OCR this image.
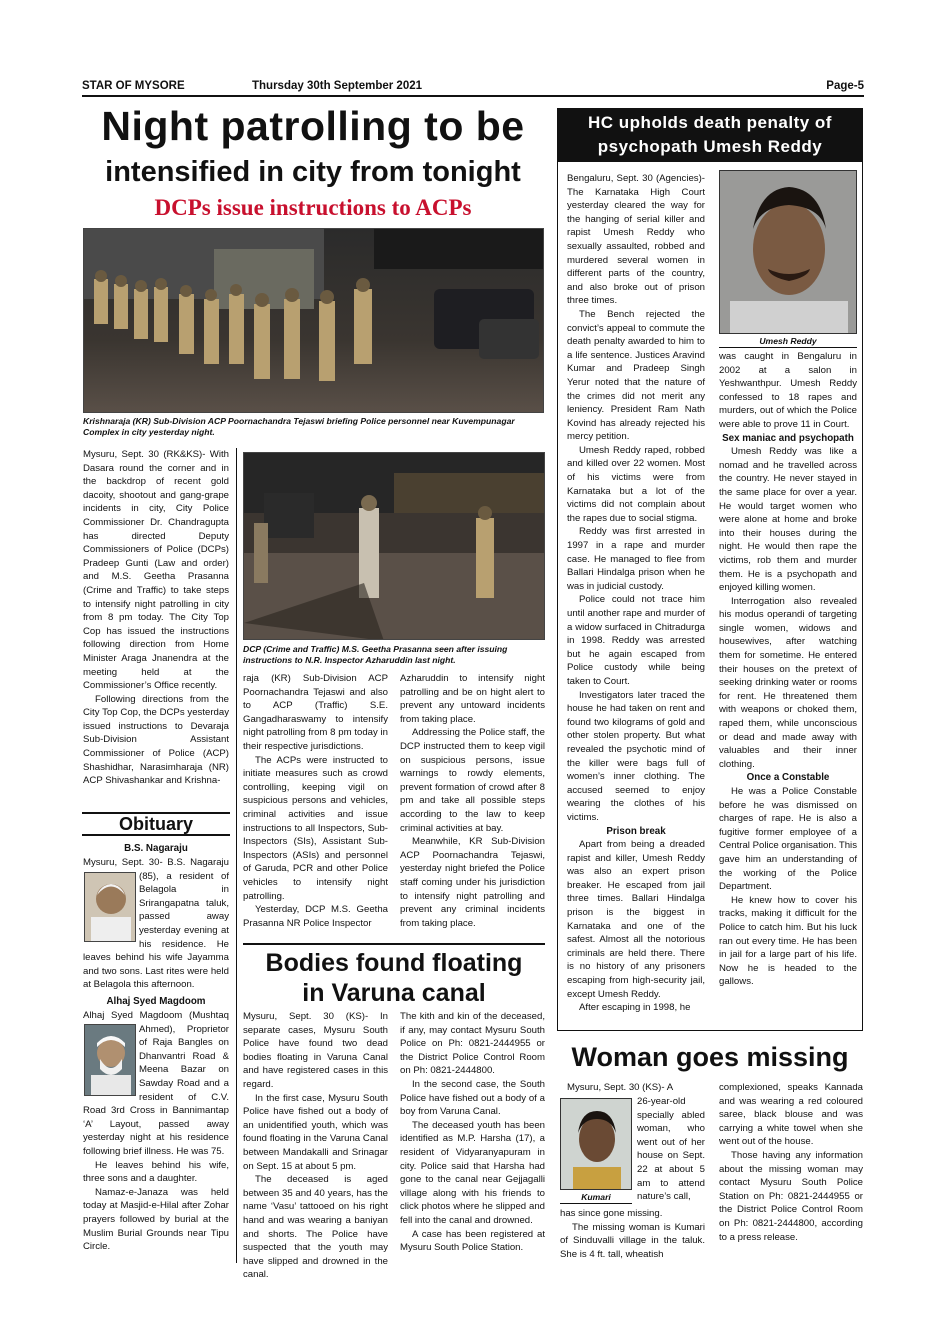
STAR OF MYSORE	Thursday 30th September 2021	Page-5
Night patrolling to be
intensified in city from tonight
DCPs issue instructions to ACPs
Krishnaraja (KR) Sub-Division ACP Poornachandra Tejaswi briefing Police personnel near Kuvempunagar Complex in city yesterday night.
DCP (Crime and Traffic) M.S. Geetha Prasanna seen after issuing instructions to N.R. Inspector Azharuddin last night.

Mysuru, Sept. 30 (RK&KS)- With Dasara round the corner and in the backdrop of recent gold dacoity, shootout and gang-grape incidents in city, City Police Commissioner Dr. Chandragupta has directed Deputy Commissioners of Police (DCPs) Pradeep Gunti (Law and order) and M.S. Geetha Prasanna (Crime and Traffic) to take steps to intensify night patrolling in city from 8 pm today. The City Top Cop has issued the instructions following direction from Home Minister Araga Jnanendra at the meeting held at the Commissioner’s Office recently.

Following directions from the City Top Cop, the DCPs yesterday issued instructions to Devaraja Sub-Division Assistant Commissioner of Police (ACP) Shashidhar, Narasimharaja (NR) ACP Shivashankar and Krishna-

raja (KR) Sub-Division ACP Poornachandra Tejaswi and also to ACP (Traffic) S.E. Gangadharaswamy to intensify night patrolling from 8 pm today in their respective jurisdictions.

The ACPs were instructed to initiate measures such as crowd controlling, keeping vigil on suspicious persons and vehicles, criminal activities and issue instructions to all Inspectors, Sub-Inspectors (SIs), Assistant Sub-Inspectors (ASIs) and personnel of Garuda, PCR and other Police vehicles to intensify night patrolling.

Yesterday, DCP M.S. Geetha Prasanna NR Police Inspector

Azharuddin to intensify night patrolling and be on hight alert to prevent any untoward incidents from taking place.

Addressing the Police staff, the DCP instructed them to keep vigil on suspicious persons, issue warnings to rowdy elements, prevent formation of crowd after 8 pm and take all possible steps according to the law to keep criminal activities at bay.

Meanwhile, KR Sub-Division ACP Poornachandra Tejaswi, yesterday night briefed the Police staff coming under his jurisdiction to intensify night patrolling and prevent any criminal incidents from taking place.

Obituary

B.S. Nagaraju

Mysuru, Sept. 30- B.S. Nagaraju (85), a resident of Belagola in Srirangapatna taluk, passed away yesterday evening at his residence. He leaves behind his wife Jayamma and two sons. Last rites were held at Belagola this afternoon.

Alhaj Syed Magdoom

Alhaj Syed Magdoom (Mushtaq Ahmed), Proprietor of Raja Bangles on Dhanvantri Road & Meena Bazar on Sawday Road and a resident of C.V. Road 3rd Cross in Bannimantap ‘A’ Layout, passed away yesterday night at his residence following brief illness. He was 75.

He leaves behind his wife, three sons and a daughter.

Namaz-e-Janaza was held today at Masjid-e-Hilal after Zohar prayers followed by burial at the Muslim Burial Grounds near Tipu Circle.

Bodies found floating
in Varuna canal

Mysuru, Sept. 30 (KS)- In separate cases, Mysuru South Police have found two dead bodies floating in Varuna Canal and have registered cases in this regard.

In the first case, Mysuru South Police have fished out a body of an unidentified youth, which was found floating in the Varuna Canal between Mandakalli and Srinagar on Sept. 15 at about 5 pm.

The deceased is aged between 35 and 40 years, has the name ‘Vasu’ tattooed on his right hand and was wearing a baniyan and shorts. The Police have suspected that the youth may have slipped and drowned in the canal.

The kith and kin of the deceased, if any, may contact Mysuru South Police on Ph: 0821-2444955 or the District Police Control Room on Ph: 0821-2444800.

In the second case, the South Police have fished out a body of a boy from Varuna Canal.

The deceased youth has been identified as M.P. Harsha (17), a resident of Vidyaranyapuram in city. Police said that Harsha had gone to the canal near Gejjagalli village along with his friends to click photos where he slipped and fell into the canal and drowned.

A case has been registered at Mysuru South Police Station.

HC upholds death penalty of
psychopath Umesh Reddy
Umesh Reddy

Bengaluru, Sept. 30 (Agencies)- The Karnataka High Court yesterday cleared the way for the hanging of serial killer and rapist Umesh Reddy who sexually assaulted, robbed and murdered several women in different parts of the country, and also broke out of prison three times.

The Bench rejected the convict’s appeal to commute the death penalty awarded to him to a life sentence. Justices Aravind Kumar and Pradeep Singh Yerur noted that the nature of the crimes did not merit any leniency. President Ram Nath Kovind has already rejected his mercy petition.

Umesh Reddy raped, robbed and killed over 22 women. Most of his victims were from Karnataka but a lot of the victims did not complain about the rapes due to social stigma.

Reddy was first arrested in 1997 in a rape and murder case. He managed to flee from Ballari Hindalga prison when he was in judicial custody.

Police could not trace him until another rape and murder of a widow surfaced in Chitradurga in 1998. Reddy was arrested but he again escaped from Police custody while being taken to Court.

Investigators later traced the house he had taken on rent and found two kilograms of gold and other stolen property. But what revealed the psychotic mind of the killer were bags full of women’s inner clothing. The accused seemed to enjoy wearing the clothes of his victims.

Prison break

Apart from being a dreaded rapist and killer, Umesh Reddy was also an expert prison breaker. He escaped from jail three times. Ballari Hindalga prison is the biggest in Karnataka and one of the safest. Almost all the notorious criminals are held there. There is no history of any prisoners escaping from high-security jail, except Umesh Reddy.

After escaping in 1998, he

was caught in Bengaluru in 2002 at a salon in Yeshwanthpur. Umesh Reddy confessed to 18 rapes and murders, out of which the Police were able to prove 11 in Court.

Sex maniac and psychopath

Umesh Reddy was like a nomad and he travelled across the country. He never stayed in the same place for over a year. He would target women who were alone at home and broke into their houses during the night. He would then rape the victims, rob them and murder them. He is a psychopath and enjoyed killing women.

Interrogation also revealed his modus operandi of targeting single women, widows and housewives, after watching them for sometime. He entered their houses on the pretext of seeking drinking water or rooms for rent. He threatened them with weapons or choked them, raped them, while unconscious or dead and made away with valuables and their inner clothing.

Once a Constable

He was a Police Constable before he was dismissed on charges of rape. He is also a fugitive former employee of a Central Police organisation. This gave him an understanding of the working of the Police Department.

He knew how to cover his tracks, making it difficult for the Police to catch him. But his luck ran out every time. He has been in jail for a large part of his life. Now he is headed to the gallows.

Woman goes missing
Kumari

Mysuru, Sept. 30 (KS)- A

26-year-old specially abled woman, who went out of her house on Sept. 22 at about 5 am to attend nature’s call,

has since gone missing.

The missing woman is Kumari of Sinduvalli village in the taluk. She is 4 ft. tall, wheatish

complexioned, speaks Kannada and was wearing a red coloured saree, black blouse and was carrying a white towel when she went out of the house.

Those having any information about the missing woman may contact Mysuru South Police Station on Ph: 0821-2444955 or the District Police Control Room on Ph: 0821-2444800, according to a press release.
